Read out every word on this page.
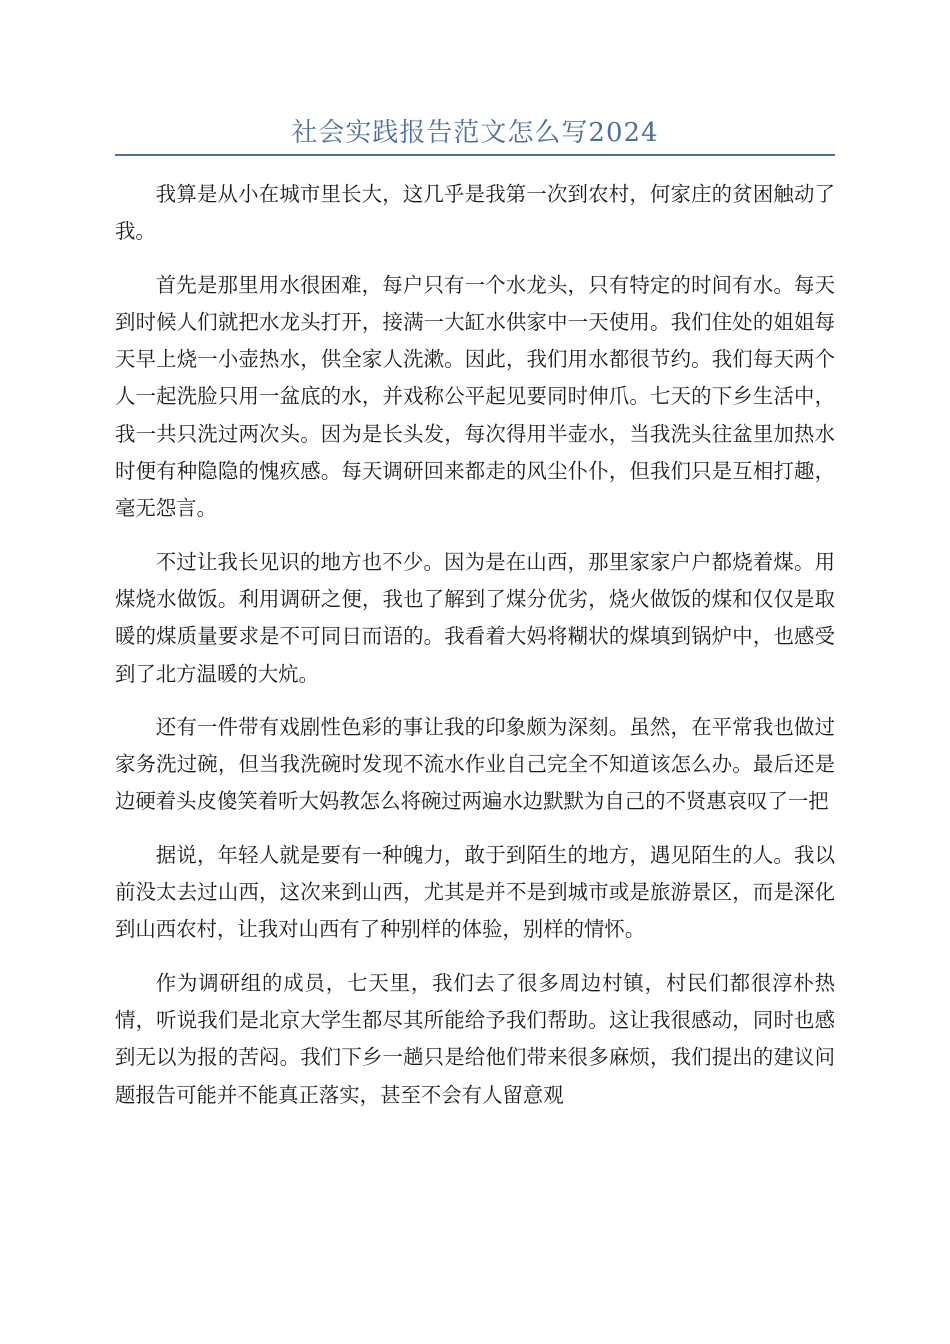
社会实践报告范文怎么写2024

我算是从小在城市里长大，这几乎是我第一次到农村，何家庄的贫困触动了我。

首先是那里用水很困难，每户只有一个水龙头，只有特定的时间有水。每天到时候人们就把水龙头打开，接满一大缸水供家中一天使用。我们住处的姐姐每天早上烧一小壶热水，供全家人洗漱。因此，我们用水都很节约。我们每天两个人一起洗脸只用一盆底的水，并戏称公平起见要同时伸爪。七天的下乡生活中，我一共只洗过两次头。因为是长头发，每次得用半壶水，当我洗头往盆里加热水时便有种隐隐的愧疚感。每天调研回来都走的风尘仆仆，但我们只是互相打趣，毫无怨言。

不过让我长见识的地方也不少。因为是在山西，那里家家户户都烧着煤。用煤烧水做饭。利用调研之便，我也了解到了煤分优劣，烧火做饭的煤和仅仅是取暖的煤质量要求是不可同日而语的。我看着大妈将糊状的煤填到锅炉中，也感受到了北方温暖的大炕。

还有一件带有戏剧性色彩的事让我的印象颇为深刻。虽然，在平常我也做过家务洗过碗，但当我洗碗时发现不流水作业自己完全不知道该怎么办。最后还是边硬着头皮傻笑着听大妈教怎么将碗过两遍水边默默为自己的不贤惠哀叹了一把

据说，年轻人就是要有一种魄力，敢于到陌生的地方，遇见陌生的人。我以前没太去过山西，这次来到山西，尤其是并不是到城市或是旅游景区，而是深化到山西农村，让我对山西有了种别样的体验，别样的情怀。

作为调研组的成员，七天里，我们去了很多周边村镇，村民们都很淳朴热情，听说我们是北京大学生都尽其所能给予我们帮助。这让我很感动，同时也感到无以为报的苦闷。我们下乡一趟只是给他们带来很多麻烦，我们提出的建议问题报告可能并不能真正落实，甚至不会有人留意观
